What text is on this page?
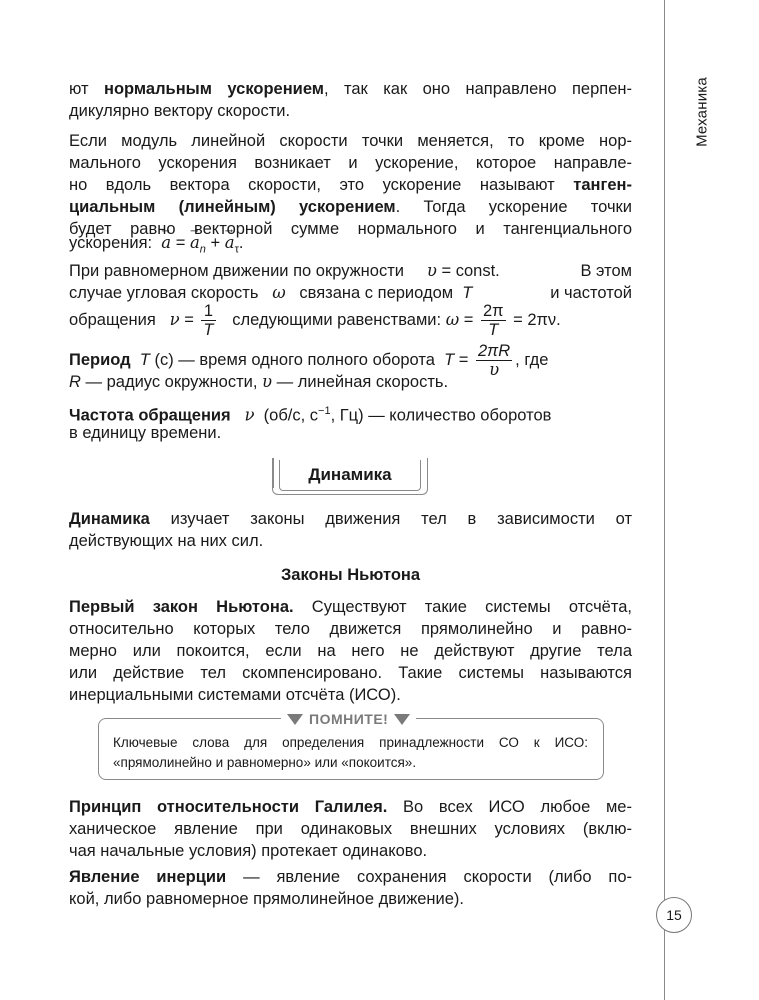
Механика
15
ют нормальным ускорением, так как оно направлено перпен-
дикулярно вектору скорости.
Если модуль линейной скорости точки меняется, то кроме нор-
мального ускорения возникает и ускорение, которое направле-
но вдоль вектора скорости, это ускорение называют танген-
циальным (линейным) ускорением. Тогда ускорение точки
будет равно векторной сумме нормального и тангенциального
ускорения:  → a = → $a_n$ + → $a_\tau$.
При равномерном движении по окружности υ = const.	В этом
случае угловая скорость ω связана с периодом T	и частотой
обращения $\nu = \frac{1}{T}$ следующими равенствами: $\omega = \frac{2\pi}{T} = 2\pi\nu$.
Период T (с) — время одного полного оборота $T = \frac{2\pi R}{\upsilon}$ , где
R — радиус окружности, υ — линейная скорость.
Частота обращения ν (об/с, $с^{-1}$, Гц) — количество оборотов
в единицу времени.
Динамика
Динамика изучает законы движения тел в зависимости от
действующих на них сил.
Законы Ньютона
Первый закон Ньютона. Существуют такие системы отсчёта,
относительно которых тело движется прямолинейно и равно-
мерно или покоится, если на него не действуют другие тела
или действие тел скомпенсировано. Такие системы называются
инерциальными системами отсчёта (ИСО).
ПОМНИТЕ!
Ключевые слова для определения принадлежности СО к ИСО:
«прямолинейно и равномерно» или «покоится».
Принцип относительности Галилея. Во всех ИСО любое ме-
ханическое явление при одинаковых внешних условиях (вклю-
чая начальные условия) протекает одинаково.
Явление инерции — явление сохранения скорости (либо по-
кой, либо равномерное прямолинейное движение).
